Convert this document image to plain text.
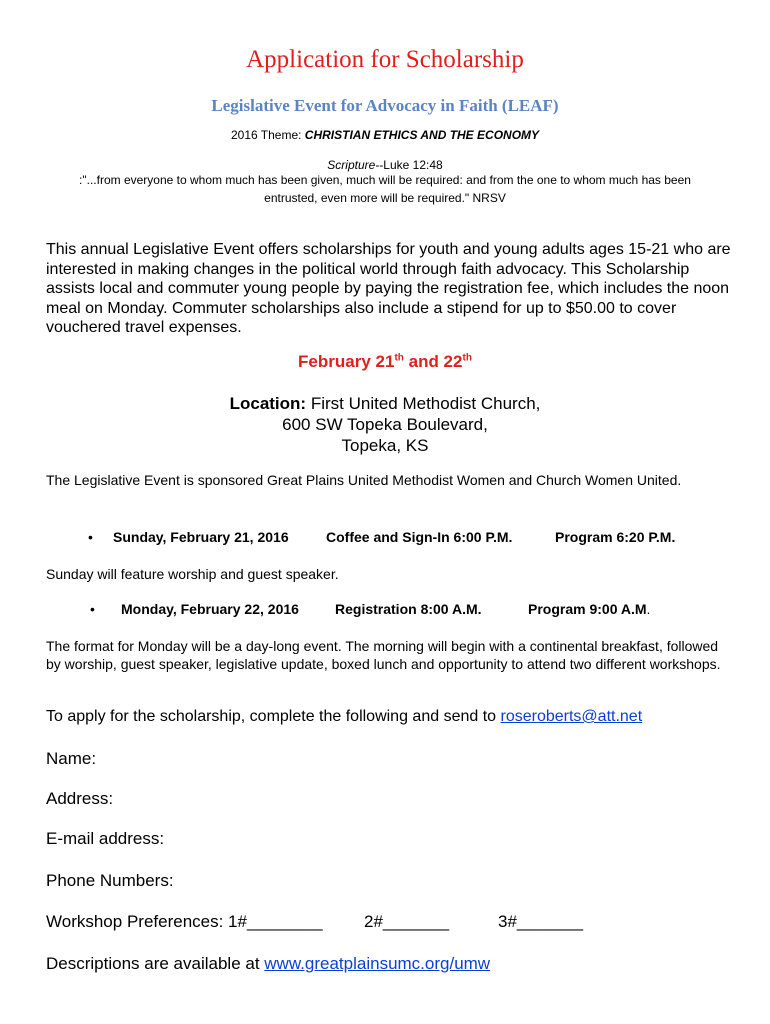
Application for Scholarship
Legislative Event for Advocacy in Faith (LEAF)
2016 Theme: CHRISTIAN ETHICS AND THE ECONOMY
Scripture--Luke 12:48
:"...from everyone to whom much has been given, much will be required: and from the one to whom much has been
entrusted, even more will be required." NRSV
This annual Legislative Event offers scholarships for youth and young adults ages 15-21 who are interested in making changes in the political world through faith advocacy. This Scholarship assists local and commuter young people by paying the registration fee, which includes the noon meal on Monday. Commuter scholarships also include a stipend for up to $50.00 to cover vouchered travel expenses.
February 21th and 22th
Location: First United Methodist Church,
600 SW Topeka Boulevard,
Topeka, KS
The Legislative Event is sponsored Great Plains United Methodist Women and Church Women United.
• Sunday, February 21, 2016	Coffee and Sign-In 6:00 P.M.	Program 6:20 P.M.
Sunday will feature worship and guest speaker.
• Monday, February 22, 2016	Registration 8:00 A.M.	Program 9:00 A.M.
The format for Monday will be a day-long event. The morning will begin with a continental breakfast, followed by worship, guest speaker, legislative update, boxed lunch and opportunity to attend two different workshops.
To apply for the scholarship, complete the following and send to roseroberts@att.net
Name:
Address:
E-mail address:
Phone Numbers:
Workshop Preferences: 1#________ 2#_______	3#_______
Descriptions are available at www.greatplainsumc.org/umw
